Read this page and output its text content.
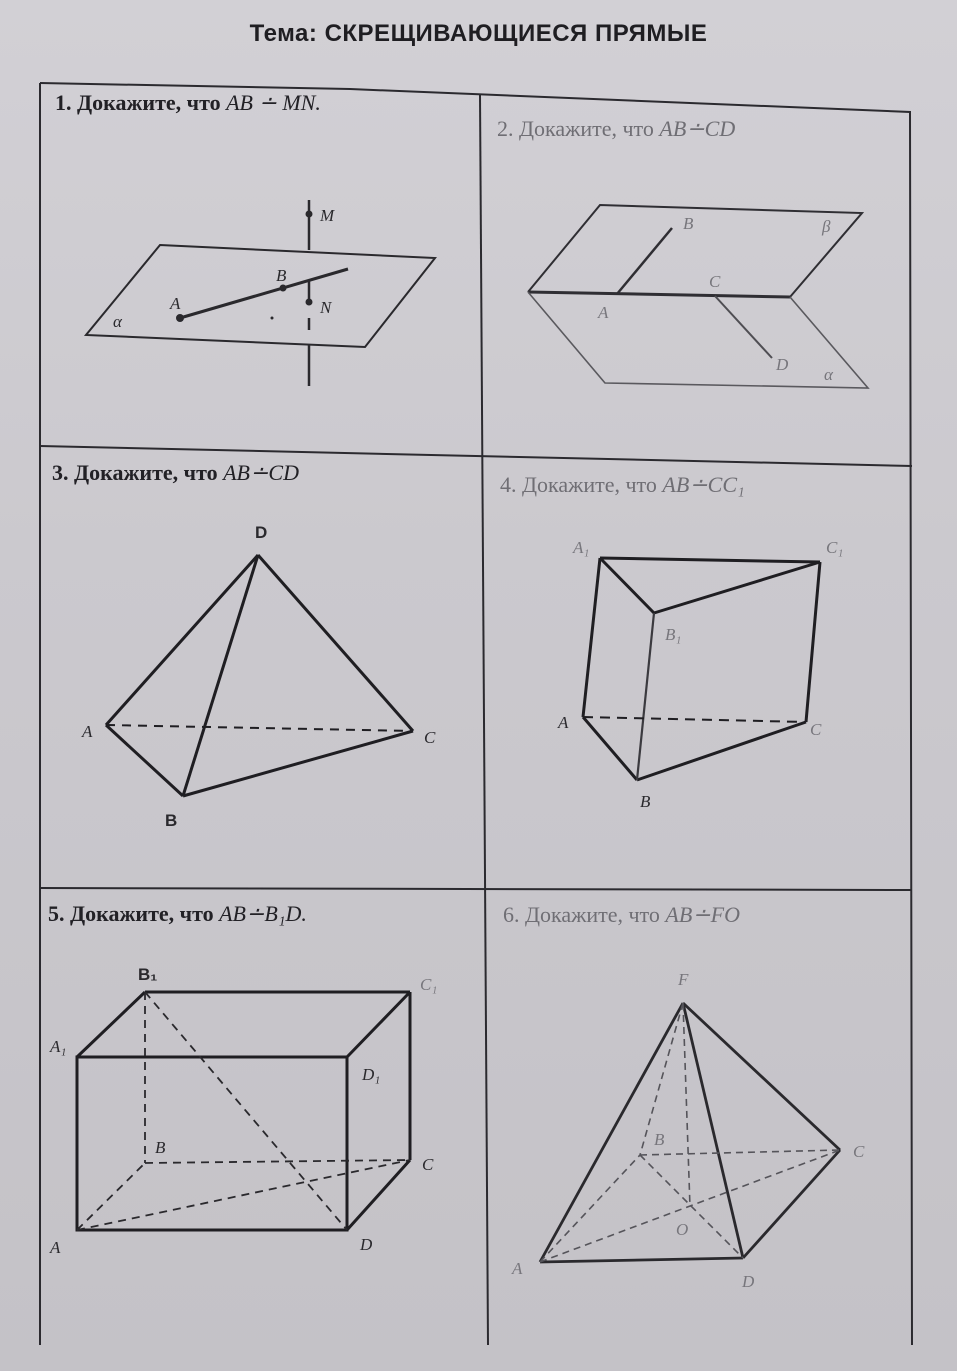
Тема: СКРЕЩИВАЮЩИЕСЯ ПРЯМЫЕ
1. Докажите, что AB ∸ MN.
2. Докажите, что AB∸CD
3. Докажите, что AB∸CD	4. Докажите, что AB∸CC₁
5. Докажите, что AB∸B₁D.	6. Докажите, что AB∸FO
M
B
A	N
α
B	β
C
A
D
α
D
A	C
B
A₁	C₁
B₁
A	C
B
B₁
C₁
A₁
D₁
B
C
A	D
F
B
C
O
A
D
